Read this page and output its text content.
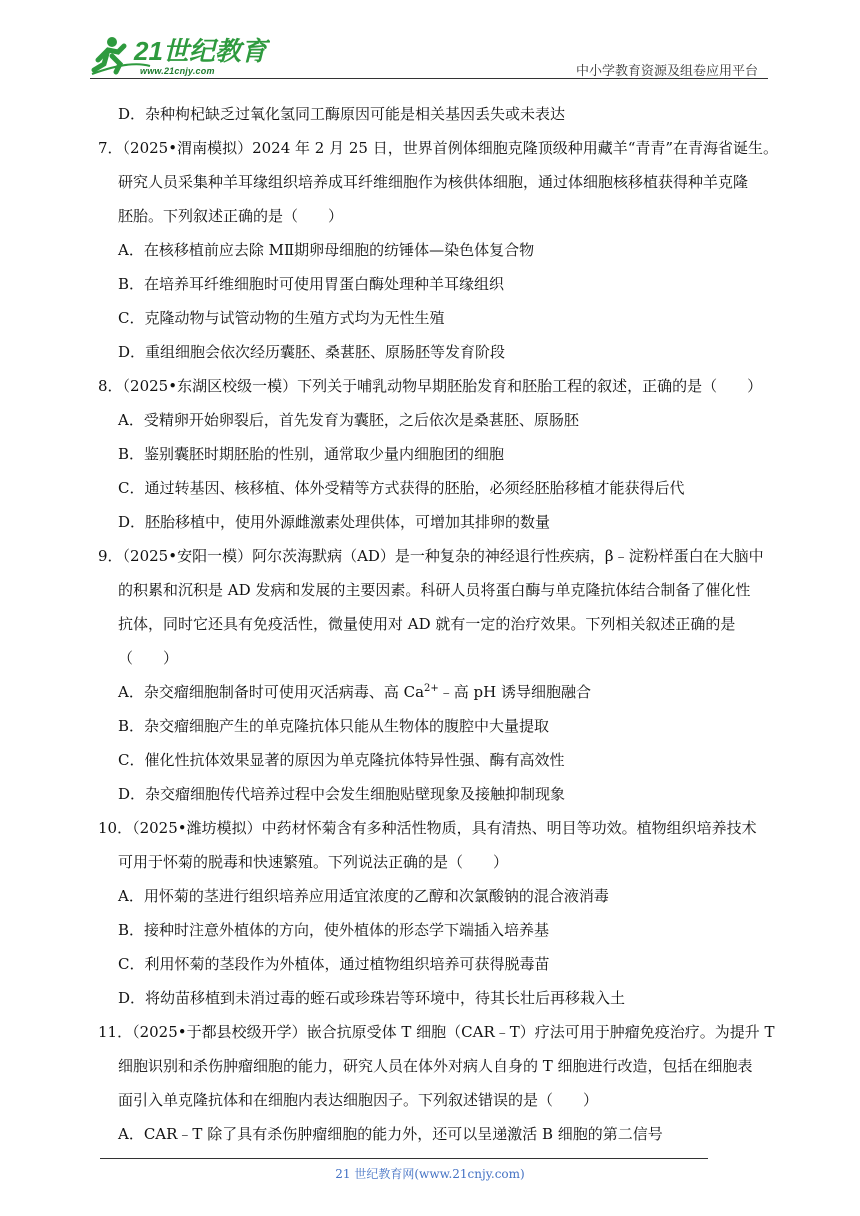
21世纪教育
www.21cnjy.com	中小学教育资源及组卷应用平台
D．杂种枸杞缺乏过氧化氢同工酶原因可能是相关基因丢失或未表达
7．（2025•渭南模拟）2024 年 2 月 25 日，世界首例体细胞克隆顶级种用藏羊“青青”在青海省诞生。
研究人员采集种羊耳缘组织培养成耳纤维细胞作为核供体细胞，通过体细胞核移植获得种羊克隆
胚胎。下列叙述正确的是（　　）
A．在核移植前应去除 MⅡ期卵母细胞的纺锤体—染色体复合物
B．在培养耳纤维细胞时可使用胃蛋白酶处理种羊耳缘组织
C．克隆动物与试管动物的生殖方式均为无性生殖
D．重组细胞会依次经历囊胚、桑葚胚、原肠胚等发育阶段
8．（2025•东湖区校级一模）下列关于哺乳动物早期胚胎发育和胚胎工程的叙述，正确的是（　　）
A．受精卵开始卵裂后，首先发育为囊胚，之后依次是桑葚胚、原肠胚
B．鉴别囊胚时期胚胎的性别，通常取少量内细胞团的细胞
C．通过转基因、核移植、体外受精等方式获得的胚胎，必须经胚胎移植才能获得后代
D．胚胎移植中，使用外源雌激素处理供体，可增加其排卵的数量
9．（2025•安阳一模）阿尔茨海默病（AD）是一种复杂的神经退行性疾病，β﹣淀粉样蛋白在大脑中
的积累和沉积是 AD 发病和发展的主要因素。科研人员将蛋白酶与单克隆抗体结合制备了催化性
抗体，同时它还具有免疫活性，微量使用对 AD 就有一定的治疗效果。下列相关叙述正确的是
（　　）
A．杂交瘤细胞制备时可使用灭活病毒、高 $Ca^{2+}﹣$高 pH 诱导细胞融合
B．杂交瘤细胞产生的单克隆抗体只能从生物体的腹腔中大量提取
C．催化性抗体效果显著的原因为单克隆抗体特异性强、酶有高效性
D．杂交瘤细胞传代培养过程中会发生细胞贴壁现象及接触抑制现象
10．（2025•潍坊模拟）中药材怀菊含有多种活性物质，具有清热、明目等功效。植物组织培养技术
可用于怀菊的脱毒和快速繁殖。下列说法正确的是（　　）
A．用怀菊的茎进行组织培养应用适宜浓度的乙醇和次氯酸钠的混合液消毒
B．接种时注意外植体的方向，使外植体的形态学下端插入培养基
C．利用怀菊的茎段作为外植体，通过植物组织培养可获得脱毒苗
D．将幼苗移植到未消过毒的蛭石或珍珠岩等环境中，待其长壮后再移栽入土
11．（2025•于都县校级开学）嵌合抗原受体 T 细胞（CAR﹣T）疗法可用于肿瘤免疫治疗。为提升 T
细胞识别和杀伤肿瘤细胞的能力，研究人员在体外对病人自身的 T 细胞进行改造，包括在细胞表
面引入单克隆抗体和在细胞内表达细胞因子。下列叙述错误的是（　　）
A．CAR﹣T 除了具有杀伤肿瘤细胞的能力外，还可以呈递激活 B 细胞的第二信号
21 世纪教育网(www.21cnjy.com)
